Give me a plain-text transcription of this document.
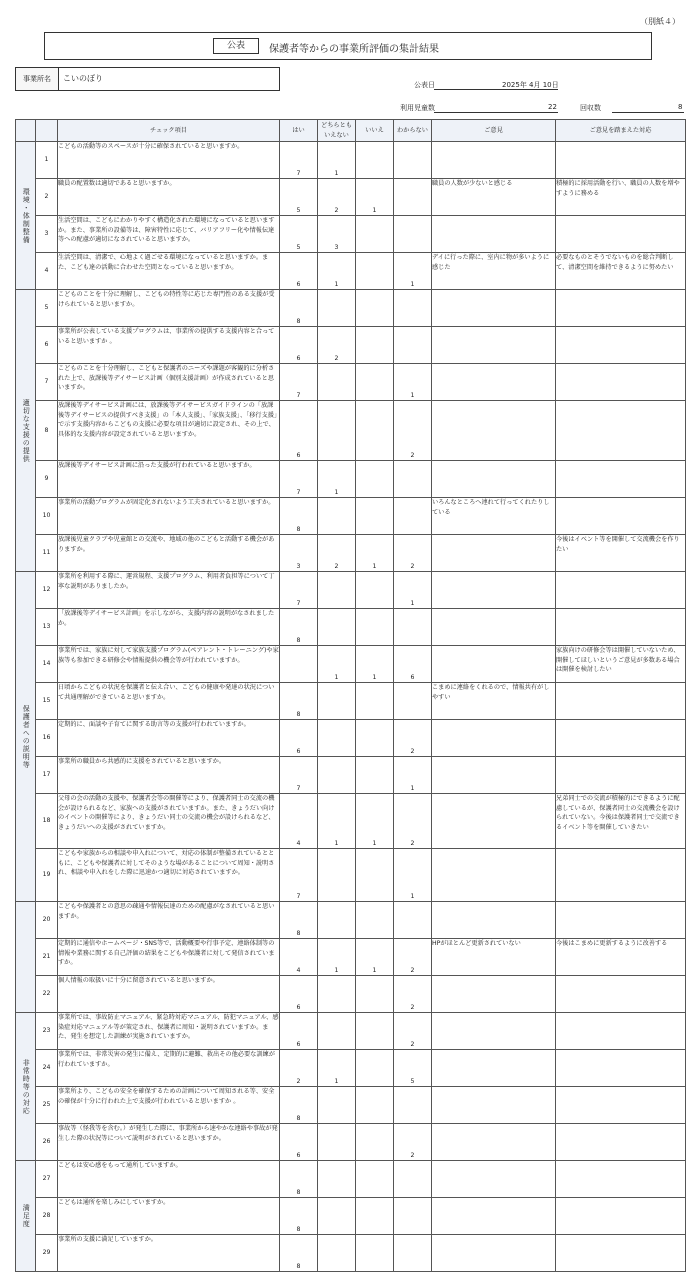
（別紙４）
公表	保護者等からの事業所評価の集計結果
事業所名	こいのぼり
公表日	2025年 4月 10日
利用児童数	22	回収数	8
		チェック項目	はい	どちらとも
いえない	いいえ	わからない	ご意見	ご意見を踏まえた対応

環境・体制整備	1	こどもの活動等のスペースが十分に確保されていると思いますか。	7	1				
	2	職員の配置数は適切であると思いますか。	5	2	1		職員の人数が少ないと感じる	積極的に採用活動を行い、職員の人数を増やすように務める
	3	生活空間は、こどもにわかりやすく構造化された環境になっていると思いますか。また、事業所の設備等は、障害特性に応じて、バリアフリー化や情報伝達等への配慮が適切になされていると思いますか。	5	3				
	4	生活空間は、清潔で、心地よく過ごせる環境になっていると思いますか。また、こども達の活動に合わせた空間となっていると思いますか。	6	1		1	デイに行った際に、室内に物が多いように感じた	必要なものとそうでないものを総合判断して、清潔空間を維持できるように努めたい

適切な支援の提供	5	こどものことを十分に理解し、こどもの特性等に応じた専門性のある支援が受けられていると思いますか。	8					
	6	事業所が公表している支援プログラムは、事業所の提供する支援内容と合っていると思いますか 。	6	2				
	7	こどものことを十分理解し、こどもと保護者のニーズや課題が客観的に分析された上で、放課後等デイサービス計画（個別支援計画）が作成されていると思いますか。	7			1		
	8	放課後等デイサービス計画には、放課後等デイサービスガイドラインの「放課後等デイサービスの提供すべき支援」の「本人支援」、「家族支援」、「移行支援」で示す支援内容からこどもの支援に必要な項目が適切に設定され、その上で、具体的な支援内容が設定されていると思いますか。	6			2		
	9	放課後等デイサービス計画に沿った支援が行われていると思いますか。	7	1				
	10	事業所の活動プログラムが固定化されないよう工夫されていると思いますか。	8				いろんなところへ連れて行ってくれたりしている	
	11	放課後児童クラブや児童館との交流や、地域の他のこどもと活動する機会がありますか。	3	2	1	2		今後はイベント等を開催して交流機会を作りたい

保護者への説明等	12	事業所を利用する際に、運営規程、支援プログラム、利用者負担等について丁寧な説明がありましたか。	7			1		
	13	「放課後等デイサービス計画」を示しながら、支援内容の説明がなされましたか。	8					
	14	事業所では、家族に対して家族支援プログラム(ペアレント・トレーニング)や家族等も参加できる研修会や情報提供の機会等が行われていますか。		1	1	6		家族向けの研修会等は開催していないため、開催してほしいというご意見が多数ある場合は開催を検討したい
	15	日頃からこどもの状況を保護者と伝え合い、こどもの健康や発達の状況について共通理解ができていると思いますか。	8				こまめに連絡をくれるので、情報共有がしやすい	
	16	定期的に、面談や子育てに関する助言等の支援が行われていますか。	6			2		
	17	事業所の職員から共感的に支援をされていると思いますか。	7			1		
	18	父母の会の活動の支援や、保護者会等の開催等により、保護者同士の交流の機会が設けられるなど、家族への支援がされていますか。また、きょうだい向けのイベントの開催等により、きょうだい同士の交流の機会が設けられるなど、きょうだいへの支援がされていますか。	4	1	1	2		兄弟同士での交流が積極的にできるように配慮しているが、保護者同士の交流機会を設けられていない。今後は保護者同士で交流できるイベント等を開催していきたい
	19	こどもや家族からの相談や申入れについて、対応の体制が整備されているとともに、こどもや保護者に対してそのような場があることについて周知・説明され、相談や申入れをした際に迅速かつ適切に対応されていますか。	7			1		

	20	こどもや保護者との意思の疎通や情報伝達のための配慮がなされていると思いますか。	8					
	21	定期的に通信やホームページ・SNS等で、活動概要や行事予定、連絡体制等の情報や業務に関する自己評価の結果をこどもや保護者に対して発信されていますか。	4	1	1	2	HPがほとんど更新されていない	今後はこまめに更新するように改善する
	22	個人情報の取扱いに十分に留意されていると思いますか。	6			2		

非常時等の対応	23	事業所では、事故防止マニュアル、緊急時対応マニュアル、防犯マニュアル、感染症対応マニュアル等が策定され、保護者に周知・説明されていますか。また、発生を想定した訓練が実施されていますか。	6			2		
	24	事業所では、非常災害の発生に備え、定期的に避難、救出その他必要な訓練が行われていますか。	2	1		5		
	25	事業所より、こどもの安全を確保するための計画について周知される等、安全の確保が十分に行われた上で支援が行われていると思いますか 。	8					
	26	事故等（怪我等を含む。）が発生した際に、事業所から速やかな連絡や事故が発生した際の状況等について説明がされていると思いますか。	6			2		

満足度	27	こどもは安心感をもって通所していますか。	8					
	28	こどもは通所を楽しみにしていますか。	8					
	29	事業所の支援に満足していますか。	8					
